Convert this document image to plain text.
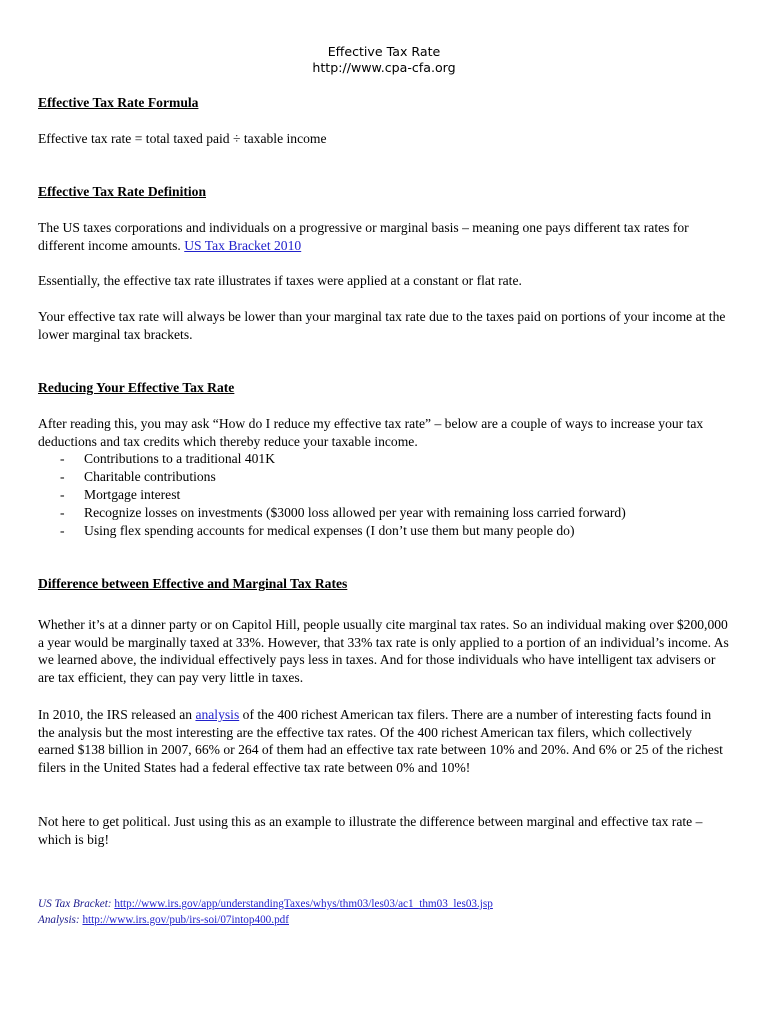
Effective Tax Rate
http://www.cpa-cfa.org
Effective Tax Rate Formula

Effective tax rate = total taxed paid ÷ taxable income

Effective Tax Rate Definition

The US taxes corporations and individuals on a progressive or marginal basis – meaning one pays different tax rates for different income amounts. US Tax Bracket 2010

Essentially, the effective tax rate illustrates if taxes were applied at a constant or flat rate.

Your effective tax rate will always be lower than your marginal tax rate due to the taxes paid on portions of your income at the lower marginal tax brackets.

Reducing Your Effective Tax Rate

After reading this, you may ask “How do I reduce my effective tax rate” – below are a couple of ways to increase your tax deductions and tax credits which thereby reduce your taxable income.

- Contributions to a traditional 401K
- Charitable contributions
- Mortgage interest
- Recognize losses on investments ($3000 loss allowed per year with remaining loss carried forward)
- Using flex spending accounts for medical expenses (I don’t use them but many people do)
Difference between Effective and Marginal Tax Rates

Whether it’s at a dinner party or on Capitol Hill, people usually cite marginal tax rates. So an individual making over $200,000 a year would be marginally taxed at 33%. However, that 33% tax rate is only applied to a portion of an individual’s income. As we learned above, the individual effectively pays less in taxes. And for those individuals who have intelligent tax advisers or are tax efficient, they can pay very little in taxes.

In 2010, the IRS released an analysis of the 400 richest American tax filers. There are a number of interesting facts found in the analysis but the most interesting are the effective tax rates. Of the 400 richest American tax filers, which collectively earned $138 billion in 2007, 66% or 264 of them had an effective tax rate between 10% and 20%. And 6% or 25 of the richest filers in the United States had a federal effective tax rate between 0% and 10%!

Not here to get political. Just using this as an example to illustrate the difference between marginal and effective tax rate – which is big!

US Tax Bracket: http://www.irs.gov/app/understandingTaxes/whys/thm03/les03/ac1_thm03_les03.jsp
Analysis: http://www.irs.gov/pub/irs-soi/07intop400.pdf
